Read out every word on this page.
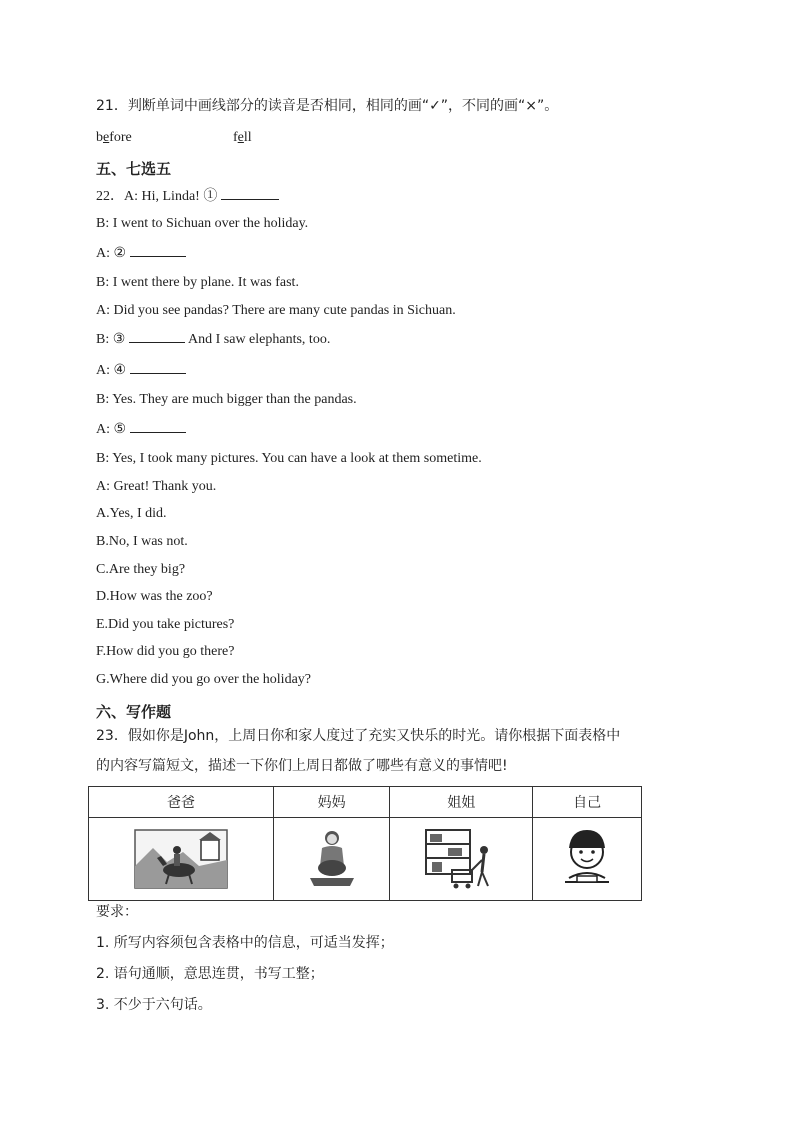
21．判断单词中画线部分的读音是否相同，相同的画“✓”，不同的画“×”。
before	fell
五、七选五
22．A: Hi, Linda! ①
B: I went to Sichuan over the holiday.
A: ②
B: I went there by plane. It was fast.
A: Did you see pandas? There are many cute pandas in Sichuan.
B: ③	And I saw elephants, too.
A: ④
B: Yes. They are much bigger than the pandas.
A: ⑤
B: Yes, I took many pictures. You can have a look at them sometime.
A: Great! Thank you.
A.Yes, I did.
B.No, I was not.
C.Are they big?
D.How was the zoo?
E.Did you take pictures?
F.How did you go there?
G.Where did you go over the holiday?
六、写作题
23．假如你是John，上周日你和家人度过了充实又快乐的时光。请你根据下面表格中
的内容写篇短文，描述一下你们上周日都做了哪些有意义的事情吧!
爸爸	妈妈	姐姐	自己

要求：
1. 所写内容须包含表格中的信息，可适当发挥；
2. 语句通顺，意思连贯，书写工整；
3. 不少于六句话。
